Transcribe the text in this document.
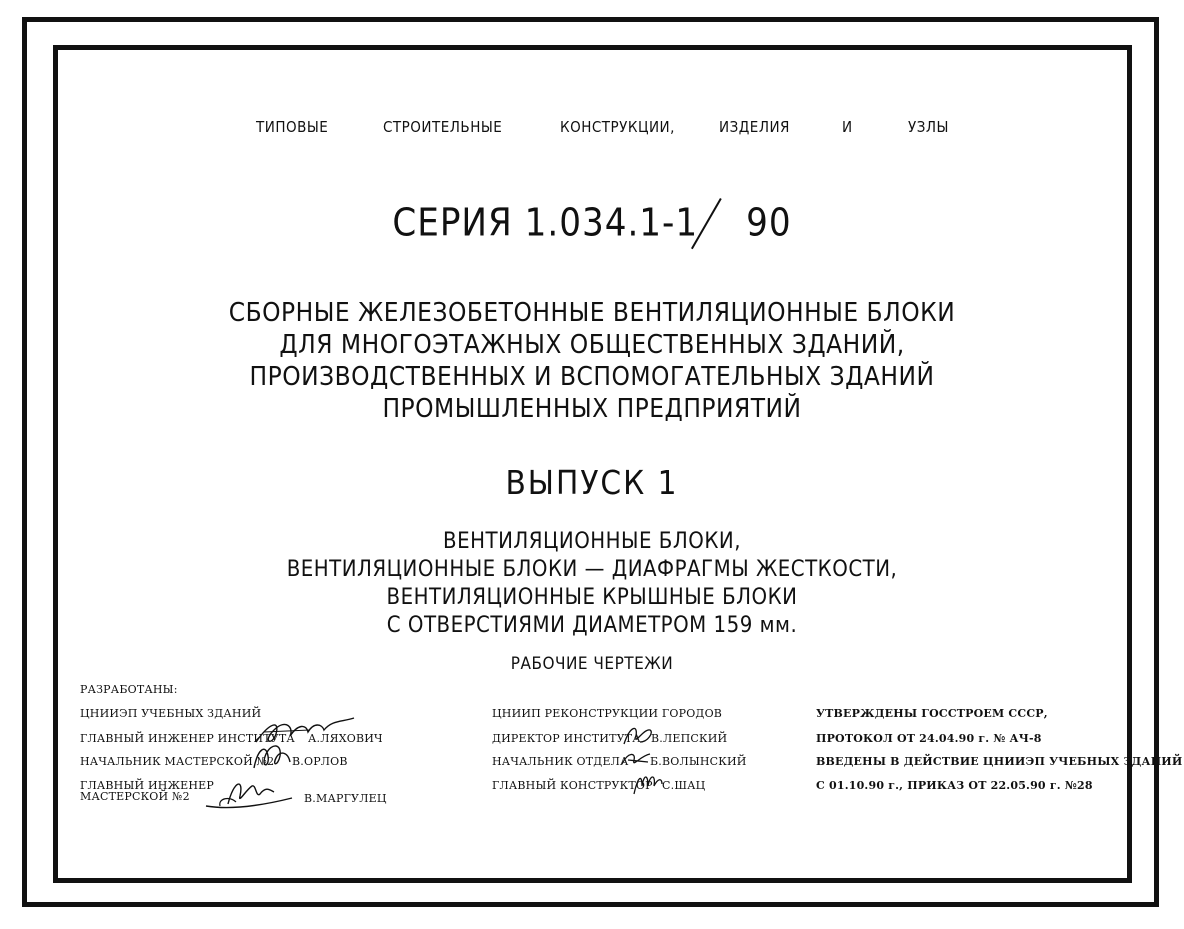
ТИПОВЫЕ	СТРОИТЕЛЬНЫЕ	КОНСТРУКЦИИ,	ИЗДЕЛИЯ	И	УЗЛЫ
СЕРИЯ 1.034.1-1 90
СБОРНЫЕ ЖЕЛЕЗОБЕТОННЫЕ ВЕНТИЛЯЦИОННЫЕ БЛОКИ
ДЛЯ МНОГОЭТАЖНЫХ ОБЩЕСТВЕННЫХ ЗДАНИЙ,
ПРОИЗВОДСТВЕННЫХ И ВСПОМОГАТЕЛЬНЫХ ЗДАНИЙ
ПРОМЫШЛЕННЫХ ПРЕДПРИЯТИЙ
ВЫПУСК 1
ВЕНТИЛЯЦИОННЫЕ БЛОКИ,
ВЕНТИЛЯЦИОННЫЕ БЛОКИ — ДИАФРАГМЫ ЖЕСТКОСТИ,
ВЕНТИЛЯЦИОННЫЕ КРЫШНЫЕ БЛОКИ
С ОТВЕРСТИЯМИ ДИАМЕТРОМ 159 мм.
РАБОЧИЕ ЧЕРТЕЖИ
РАЗРАБОТАНЫ:
ЦНИИЭП УЧЕБНЫХ ЗДАНИЙ
ГЛАВНЫЙ ИНЖЕНЕР ИНСТИТУТА А.ЛЯХОВИЧ
НАЧАЛЬНИК МАСТЕРСКОЙ №2 В.ОРЛОВ
ГЛАВНЫЙ ИНЖЕНЕР
МАСТЕРСКОЙ №2	В.МАРГУЛЕЦ
ЦНИИП РЕКОНСТРУКЦИИ ГОРОДОВ
ДИРЕКТОР ИНСТИТУТА В.ЛЕПСКИЙ
НАЧАЛЬНИК ОТДЕЛА Б.ВОЛЫНСКИЙ
ГЛАВНЫЙ КОНСТРУКТОР С.ШАЦ
УТВЕРЖДЕНЫ ГОССТРОЕМ СССР,
ПРОТОКОЛ ОТ 24.04.90 г. № АЧ-8
ВВЕДЕНЫ В ДЕЙСТВИЕ ЦНИИЭП УЧЕБНЫХ ЗДАНИЙ
С 01.10.90 г., ПРИКАЗ ОТ 22.05.90 г. №28
